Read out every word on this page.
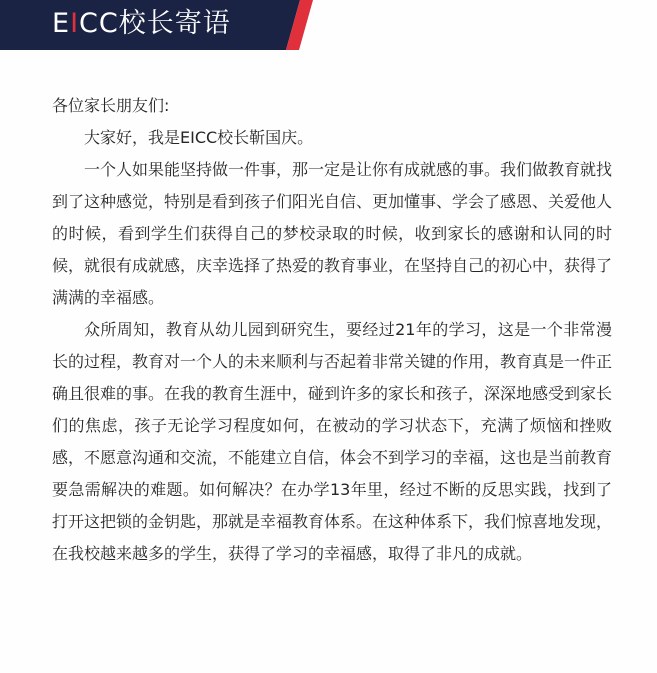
EICC校长寄语

各位家长朋友们:

大家好，我是EICC校长靳国庆。

一个人如果能坚持做一件事，那一定是让你有成就感的事。我们做教育就找到了这种感觉，特别是看到孩子们阳光自信、更加懂事、学会了感恩、关爱他人的时候，看到学生们获得自己的梦校录取的时候，收到家长的感谢和认同的时候，就很有成就感，庆幸选择了热爱的教育事业，在坚持自己的初心中，获得了满满的幸福感。

众所周知，教育从幼儿园到研究生，要经过21年的学习，这是一个非常漫长的过程，教育对一个人的未来顺利与否起着非常关键的作用，教育真是一件正确且很难的事。在我的教育生涯中，碰到许多的家长和孩子，深深地感受到家长们的焦虑，孩子无论学习程度如何，在被动的学习状态下，充满了烦恼和挫败感，不愿意沟通和交流，不能建立自信，体会不到学习的幸福，这也是当前教育要急需解决的难题。如何解决？在办学13年里，经过不断的反思实践，找到了打开这把锁的金钥匙，那就是幸福教育体系。在这种体系下，我们惊喜地发现，在我校越来越多的学生，获得了学习的幸福感，取得了非凡的成就。
